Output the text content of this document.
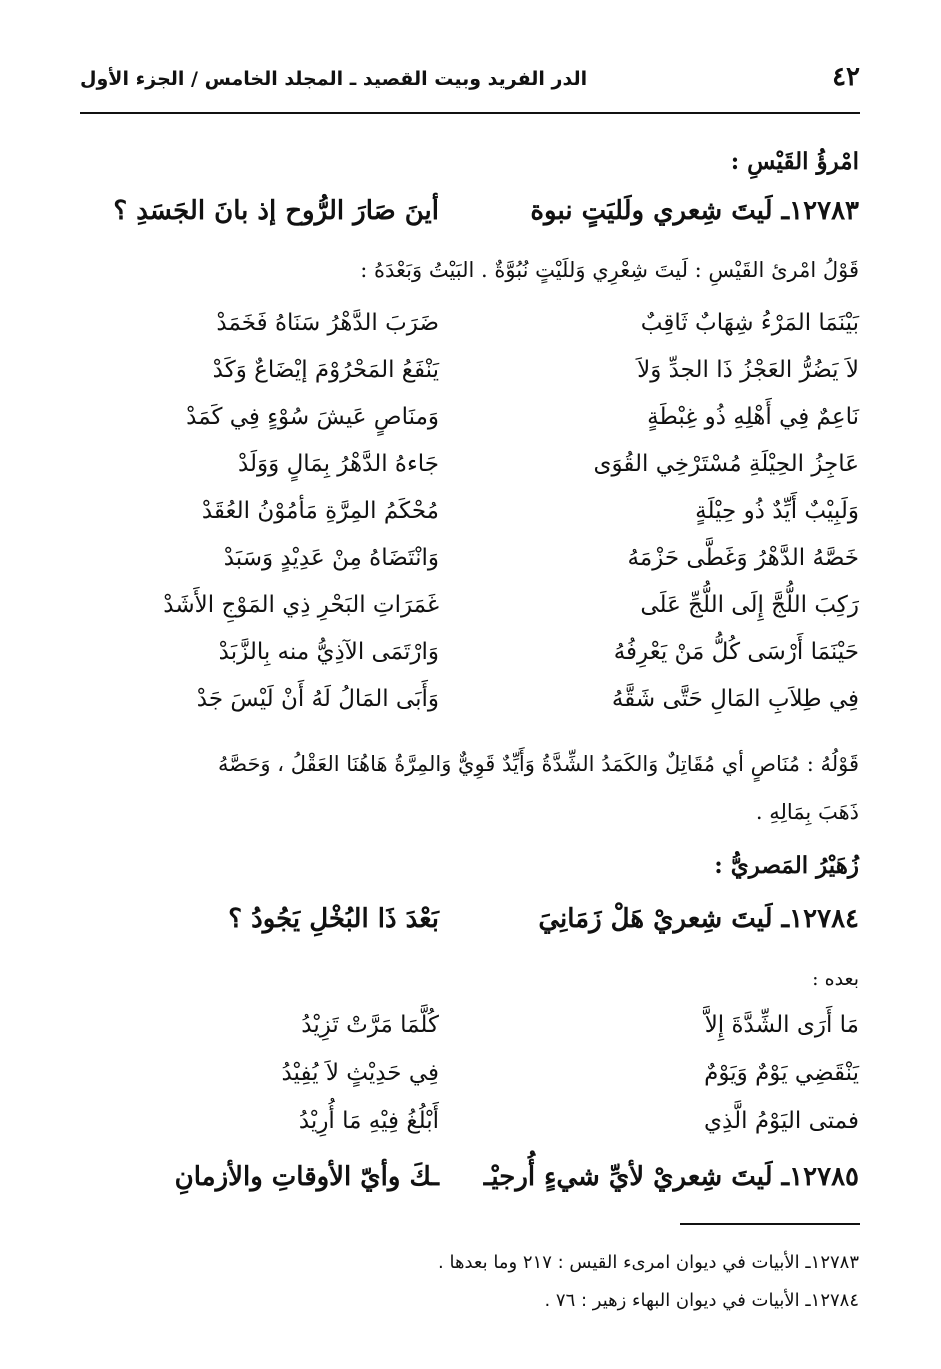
٤٢
الدر الفريد وبيت القصيد ـ المجلد الخامس / الجزء الأول
امْرؤُ القَيْسِ :
١٢٧٨٣ـ لَيتَ شِعري ولَليَتٍ نبوة
أينَ صَارَ الرُّوح إذ بانَ الجَسَدِ ؟
قَوْلُ امْرئ القَيْسِ : لَيتَ شِعْرِي وَللَيْتٍ نُبُوَّةٌ . البَيْتُ وَبَعْدَهُ :
بَيْنَمَا المَرْءُ شِهَابٌ ثَاقِبٌ
ضَرَبَ الدَّهْرُ سَنَاهُ فَخَمَدْ
لاَ يَضُرُّ العَجْزُ ذَا الجدِّ وَلاَ
يَنْفَعُ المَحْرُوْمَ إيْضَاعٌ وَكَدْ
نَاعِمٌ فِي أَهْلِهِ ذُو غِبْطَةٍ
وَمنَاصٍ عَيشَ سُوْءٍ فِي كَمَدْ
عَاجِزُ الحِيْلَةِ مُسْتَرْخِي القُوَى
جَاءهُ الدَّهْرُ بِمَالٍ وَوَلَدْ
وَلَبِيْبٌ أَيِّدٌ ذُو حِيْلَةٍ
مُحْكَمُ المِرَّةِ مَأمُوْنُ العُقَدْ
خَصَّهُ الدَّهْرُ وَغَطَّى حَزْمَهُ
وَانْتَضَاهُ مِنْ عَدِيْدٍ وَسَبَدْ
رَكِبَ اللُّجَّ إِلَى اللُّجِّ عَلَى
غَمَرَاتِ البَحْرِ ذِي المَوْجِ الأَشَدْ
حَيْنَمَا أَرْسَى كُلُّ مَنْ يَعْرِفُهُ
وَارْتَمَى الآذِيُّ منه بِالزَّبَدْ
فِي طِلاَبِ المَالِ حَتَّى شَقَّهُ
وَأَبَى المَالُ لَهُ أَنْ لَيْسَ جَدْ
قَوْلُهُ : مُنَاصٍ أي مُقَاتِلٌ وَالكَمَدُ الشِّدَّةُ وَأَيِّدٌ قَوِيٌّ وَالمِرَّةُ هَاهُنَا العَقْلُ ، وَحَصَّهُ
ذَهَبَ بِمَالِهِ .
زُهَيْرُ المَصريُّ :
١٢٧٨٤ـ لَيتَ شِعريْ هَلْ زَمَانِيَ
بَعْدَ ذَا البُخْلِ يَجُودُ ؟
بعده :
مَا أَرَى الشِّدَّةَ إِلاَّ
كُلَّمَا مَرَّتْ تَزِيْدُ
يَنْقَضِي يَوْمٌ وَيَوْمٌ
فِي حَدِيْثٍ لاَ يُفِيْدُ
فمتى اليَوْمُ الَّذِي
أَبْلُغُ فِيْهِ مَا أُرِيْدُ
١٢٧٨٥ـ لَيتَ شِعريْ لأيِّ شيءٍ أُرجيْـ
ـكَ وأيّ الأوقاتِ والأزمانِ
١٢٧٨٣ـ الأبيات في ديوان امرىء القيس : ٢١٧ وما بعدها .
١٢٧٨٤ـ الأبيات في ديوان البهاء زهير : ٧٦ .
